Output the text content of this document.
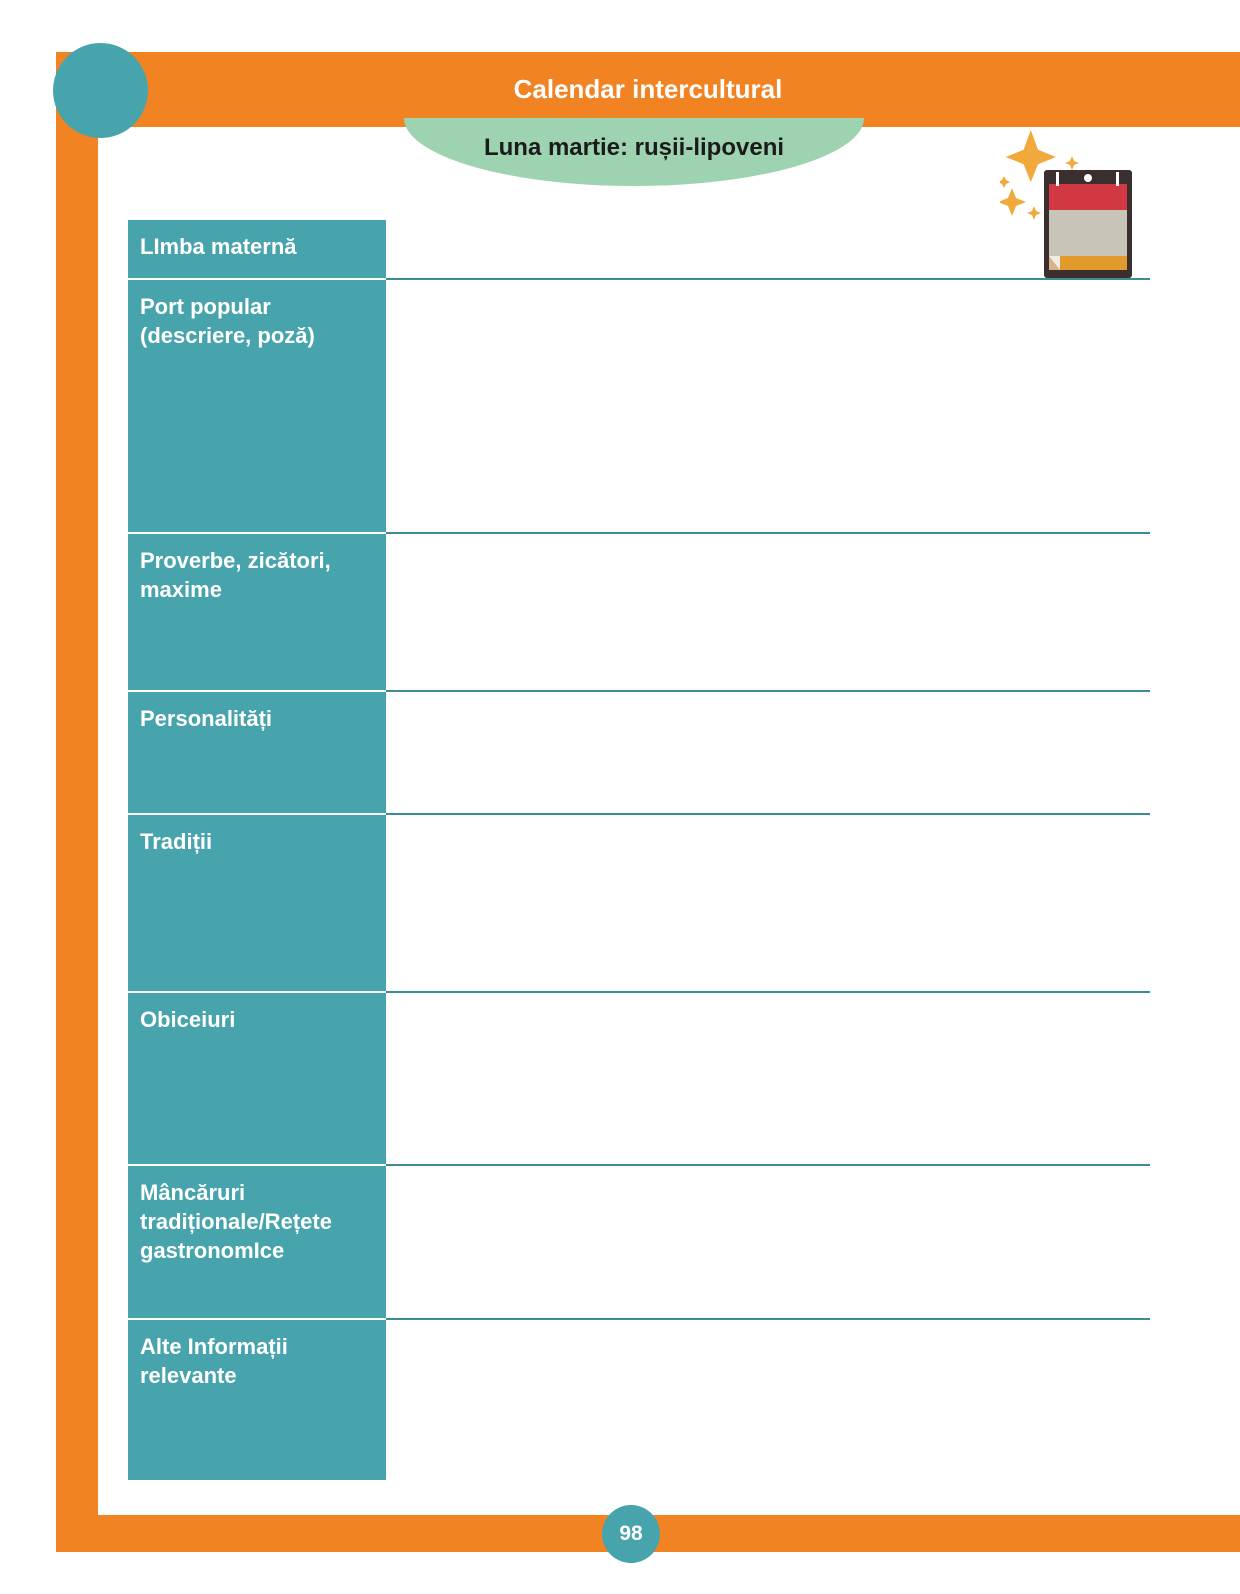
Calendar intercultural
Luna martie: rușii-lipoveni
LImba maternă
Port popular (descriere, poză)
Proverbe, zicători, maxime
Personalități
Tradiții
Obiceiuri
Mâncăruri tradiționale/Rețete gastronomIce
Alte Informații relevante
98
